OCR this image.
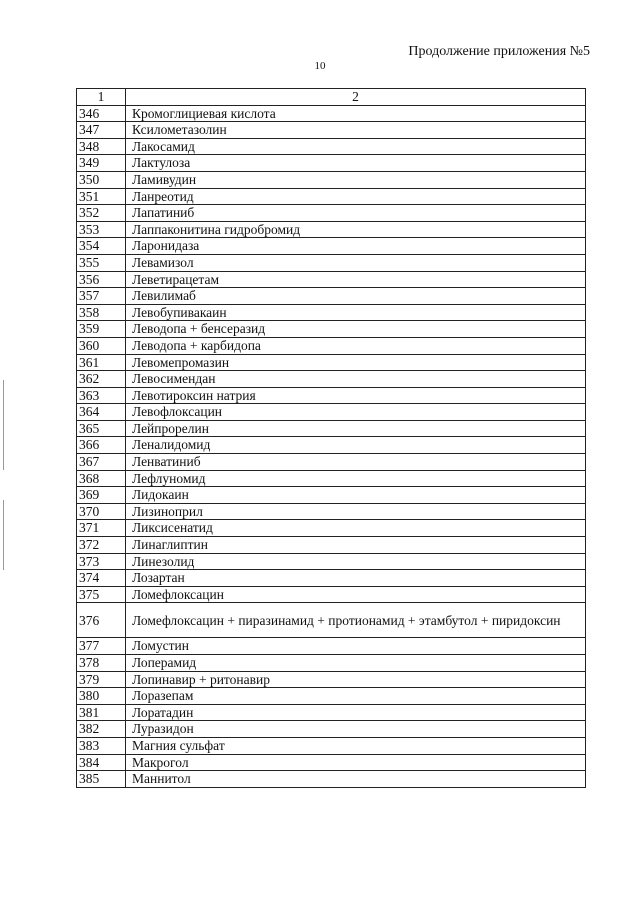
Продолжение приложения №5
10
1	2
346	Кромоглициевая кислота
347	Ксилометазолин
348	Лакосамид
349	Лактулоза
350	Ламивудин
351	Ланреотид
352	Лапатиниб
353	Лаппаконитина гидробромид
354	Ларонидаза
355	Левамизол
356	Леветирацетам
357	Левилимаб
358	Левобупивакаин
359	Леводопа + бенсеразид
360	Леводопа + карбидопа
361	Левомепромазин
362	Левосимендан
363	Левотироксин натрия
364	Левофлоксацин
365	Лейпрорелин
366	Леналидомид
367	Ленватиниб
368	Лефлуномид
369	Лидокаин
370	Лизиноприл
371	Ликсисенатид
372	Линаглиптин
373	Линезолид
374	Лозартан
375	Ломефлоксацин
376	Ломефлоксацин + пиразинамид + протионамид + этамбутол + пиридоксин
377	Ломустин
378	Лоперамид
379	Лопинавир + ритонавир
380	Лоразепам
381	Лоратадин
382	Луразидон
383	Магния сульфат
384	Макрогол
385	Маннитол
